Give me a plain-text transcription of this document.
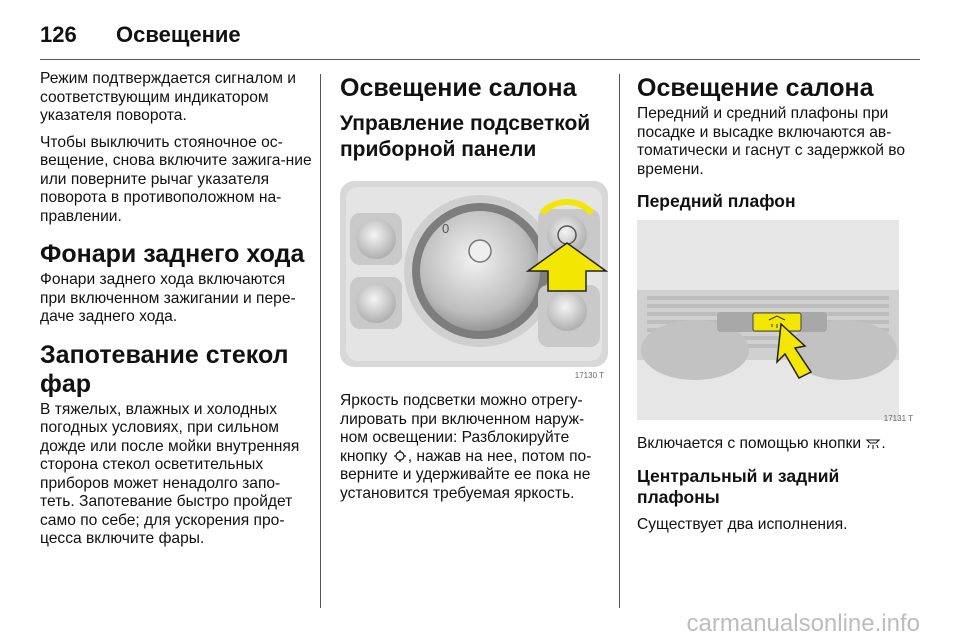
126 Освещение

Режим подтверждается сигналом и соответствующим индикатором указателя поворота.

Чтобы выключить стояночное ос-вещение, снова включите зажига-ние или поверните рычаг указателя поворота в противоположном на-правлении.

Фонари заднего хода

Фонари заднего хода включаются при включенном зажигании и пере-даче заднего хода.

Запотевание стекол фар

В тяжелых, влажных и холодных погодных условиях, при сильном дожде или после мойки внутренняя сторона стекол осветительных приборов может ненадолго запо-теть. Запотевание быстро пройдет само по себе; для ускорения про-цесса включите фары.

Освещение салона
Управление подсветкой приборной панели
0
17130 T

Яркость подсветки можно отрегу-лировать при включенном наруж-ном освещении: Разблокируйте кнопку , нажав на нее, потом по-верните и удерживайте ее пока не установится требуемая яркость.

Освещение салона

Передний и средний плафоны при посадке и высадке включаются ав-томатически и гаснут с задержкой во времени.

Передний плафон
17131 T

Включается с помощью кнопки .

Центральный и задний плафоны

Существует два исполнения.

carmanualsonline.info
